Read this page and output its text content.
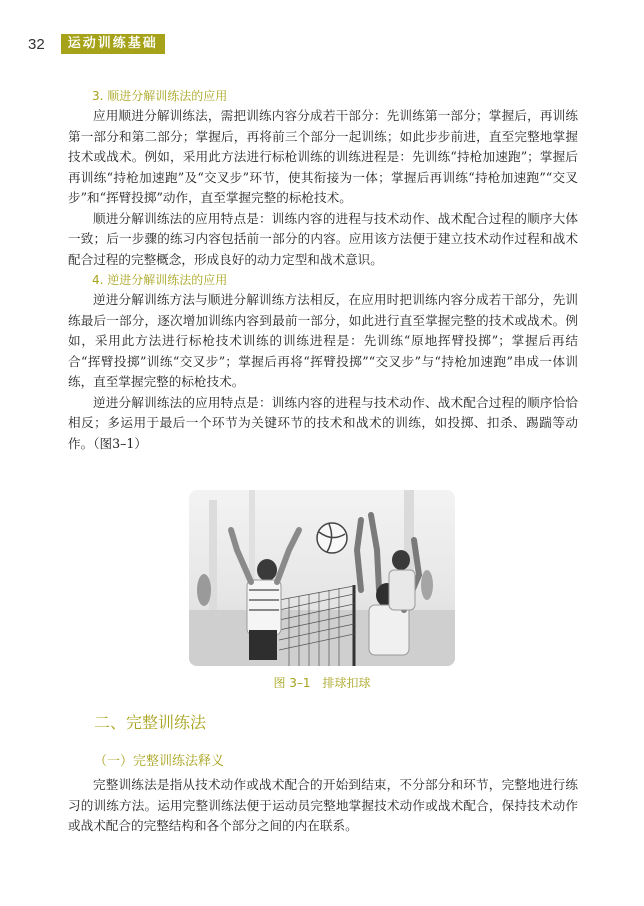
32	运动训练基础
3. 顺进分解训练法的应用

应用顺进分解训练法，需把训练内容分成若干部分：先训练第一部分；掌握后，再训练第一部分和第二部分；掌握后，再将前三个部分一起训练；如此步步前进，直至完整地掌握技术或战术。例如，采用此方法进行标枪训练的训练进程是：先训练“持枪加速跑”；掌握后再训练“持枪加速跑”及“交叉步”环节，使其衔接为一体；掌握后再训练“持枪加速跑”“交叉步”和“挥臂投掷”动作，直至掌握完整的标枪技术。

顺进分解训练法的应用特点是：训练内容的进程与技术动作、战术配合过程的顺序大体一致；后一步骤的练习内容包括前一部分的内容。应用该方法便于建立技术动作过程和战术配合过程的完整概念，形成良好的动力定型和战术意识。

4. 逆进分解训练法的应用

逆进分解训练方法与顺进分解训练方法相反，在应用时把训练内容分成若干部分，先训练最后一部分，逐次增加训练内容到最前一部分，如此进行直至掌握完整的技术或战术。例如，采用此方法进行标枪技术训练的训练进程是：先训练“原地挥臂投掷”；掌握后再结合“挥臂投掷”训练“交叉步”；掌握后再将“挥臂投掷”“交叉步”与“持枪加速跑”串成一体训练，直至掌握完整的标枪技术。

逆进分解训练法的应用特点是：训练内容的进程与技术动作、战术配合过程的顺序恰恰相反；多运用于最后一个环节为关键环节的技术和战术的训练，如投掷、扣杀、踢踹等动作。（图3–1）

图 3–1　排球扣球
二、完整训练法
（一）完整训练法释义

完整训练法是指从技术动作或战术配合的开始到结束，不分部分和环节，完整地进行练习的训练方法。运用完整训练法便于运动员完整地掌握技术动作或战术配合，保持技术动作或战术配合的完整结构和各个部分之间的内在联系。
